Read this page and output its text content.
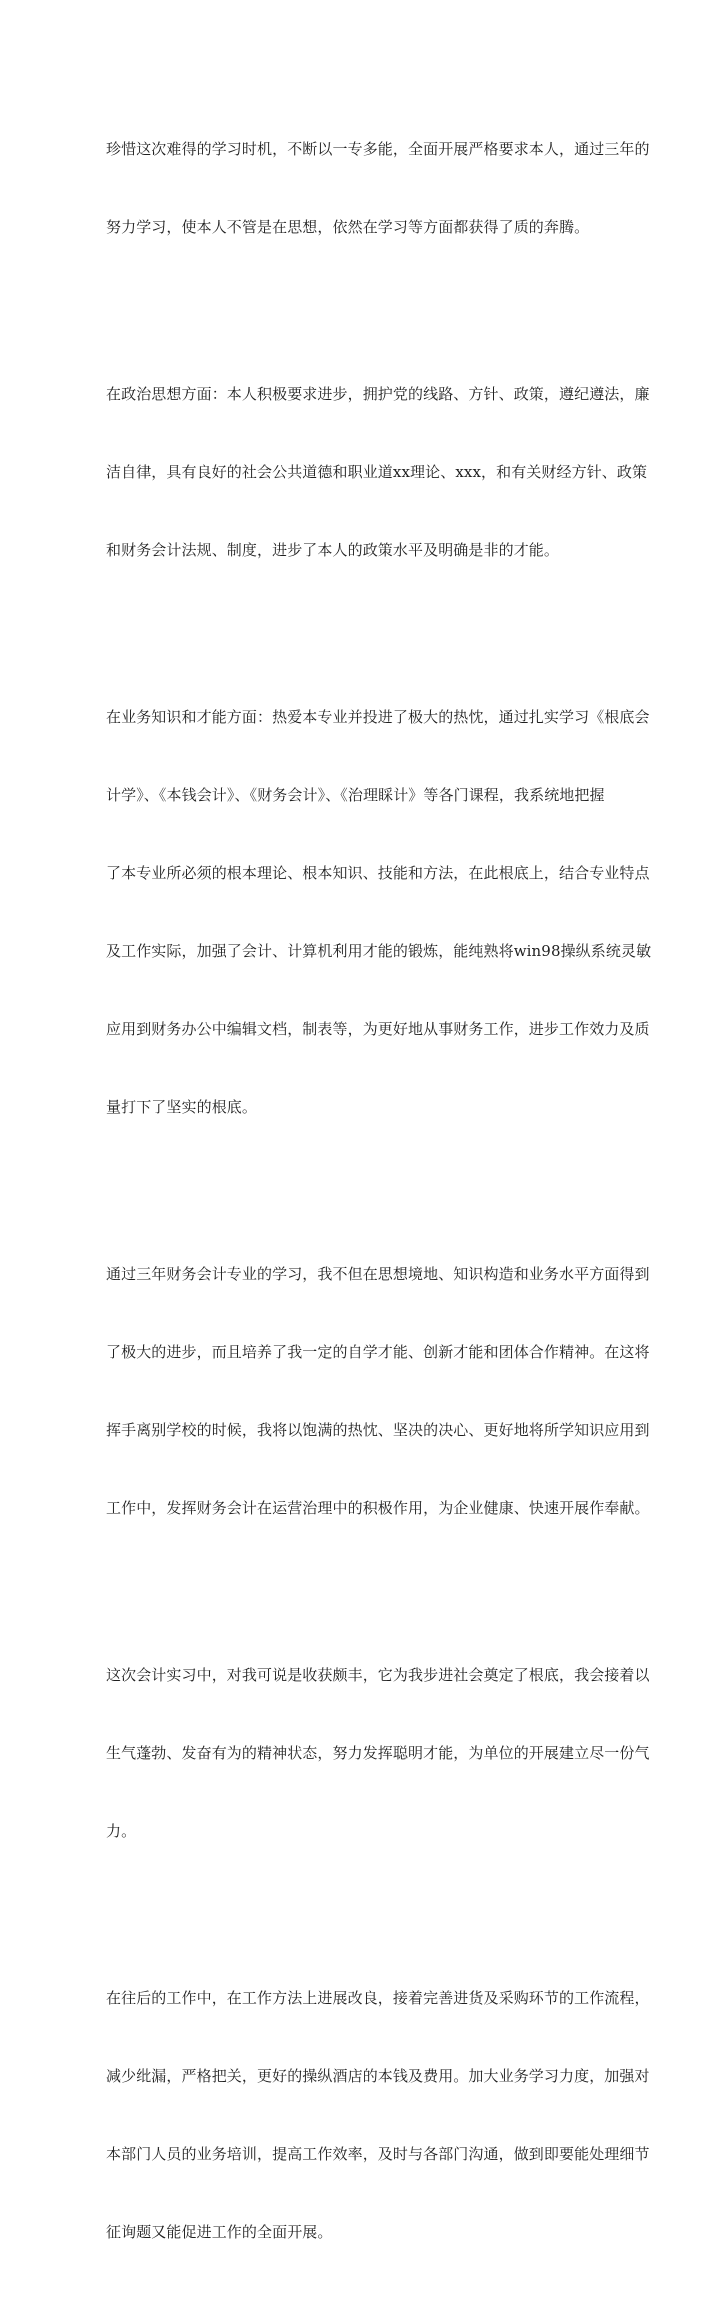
珍惜这次难得的学习时机，不断以一专多能，全面开展严格要求本人，通过三年的

努力学习，使本人不管是在思想，依然在学习等方面都获得了质的奔腾。

在政治思想方面：本人积极要求进步，拥护党的线路、方针、政策，遵纪遵法，廉

洁自律，具有良好的社会公共道德和职业道xx理论、xxx，和有关财经方针、政策

和财务会计法规、制度，进步了本人的政策水平及明确是非的才能。

在业务知识和才能方面：热爱本专业并投进了极大的热忱，通过扎实学习《根底会

计学》、《本钱会计》、《财务会计》、《治理睬计》等各门课程，我系统地把握

了本专业所必须的根本理论、根本知识、技能和方法，在此根底上，结合专业特点

及工作实际，加强了会计、计算机利用才能的锻炼，能纯熟将win98操纵系统灵敏

应用到财务办公中编辑文档，制表等，为更好地从事财务工作，进步工作效力及质

量打下了坚实的根底。

通过三年财务会计专业的学习，我不但在思想境地、知识构造和业务水平方面得到

了极大的进步，而且培养了我一定的自学才能、创新才能和团体合作精神。在这将

挥手离别学校的时候，我将以饱满的热忱、坚决的决心、更好地将所学知识应用到

工作中，发挥财务会计在运营治理中的积极作用，为企业健康、快速开展作奉献。

这次会计实习中，对我可说是收获颇丰，它为我步进社会奠定了根底，我会接着以

生气蓬勃、发奋有为的精神状态，努力发挥聪明才能，为单位的开展建立尽一份气

力。

在往后的工作中，在工作方法上进展改良，接着完善进货及采购环节的工作流程，

减少纰漏，严格把关，更好的操纵酒店的本钱及费用。加大业务学习力度，加强对

本部门人员的业务培训，提高工作效率，及时与各部门沟通，做到即要能处理细节

征询题又能促进工作的全面开展。
